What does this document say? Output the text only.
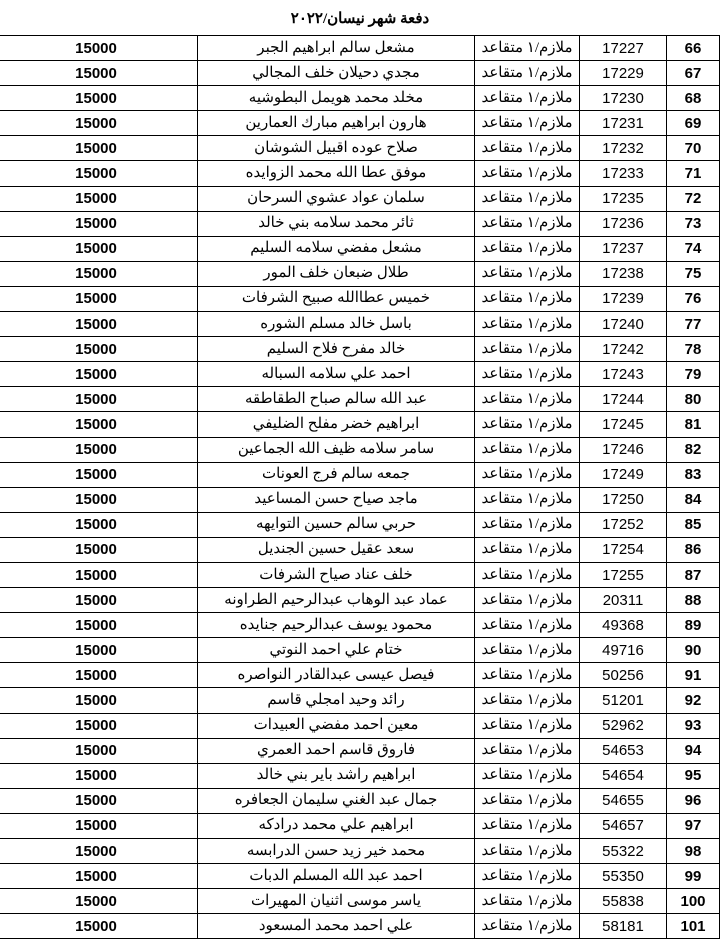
دفعة شهر نيسان/٢٠٢٢
66	17227	ملازم/١ متقاعد	مشعل سالم ابراهيم الجبر	15000
67	17229	ملازم/١ متقاعد	مجدي دحيلان خلف المجالي	15000
68	17230	ملازم/١ متقاعد	مخلد محمد هويمل البطوشيه	15000
69	17231	ملازم/١ متقاعد	هارون ابراهيم مبارك العمارين	15000
70	17232	ملازم/١ متقاعد	صلاح عوده اقبيل الشوشان	15000
71	17233	ملازم/١ متقاعد	موفق عطا الله محمد الزوايده	15000
72	17235	ملازم/١ متقاعد	سلمان عواد عشوي السرحان	15000
73	17236	ملازم/١ متقاعد	ثائر محمد سلامه بني خالد	15000
74	17237	ملازم/١ متقاعد	مشعل مفضي سلامه السليم	15000
75	17238	ملازم/١ متقاعد	طلال ضبعان خلف المور	15000
76	17239	ملازم/١ متقاعد	خميس عطاالله صبيح الشرفات	15000
77	17240	ملازم/١ متقاعد	باسل خالد مسلم الشوره	15000
78	17242	ملازم/١ متقاعد	خالد مفرح فلاح السليم	15000
79	17243	ملازم/١ متقاعد	احمد علي سلامه السباله	15000
80	17244	ملازم/١ متقاعد	عبد الله سالم صباح الطقاطقه	15000
81	17245	ملازم/١ متقاعد	ابراهيم خضر مفلح الضليفي	15000
82	17246	ملازم/١ متقاعد	سامر سلامه ظيف الله الجماعين	15000
83	17249	ملازم/١ متقاعد	جمعه سالم فرج العونات	15000
84	17250	ملازم/١ متقاعد	ماجد صياح حسن المساعيد	15000
85	17252	ملازم/١ متقاعد	حربي سالم حسين التوايهه	15000
86	17254	ملازم/١ متقاعد	سعد عقيل حسين الجنديل	15000
87	17255	ملازم/١ متقاعد	خلف عناد صياح الشرفات	15000
88	20311	ملازم/١ متقاعد	عماد عبد الوهاب عبدالرحيم الطراونه	15000
89	49368	ملازم/١ متقاعد	محمود يوسف عبدالرحيم جنايده	15000
90	49716	ملازم/١ متقاعد	ختام علي احمد النوتي	15000
91	50256	ملازم/١ متقاعد	فيصل عيسى عبدالقادر النواصره	15000
92	51201	ملازم/١ متقاعد	رائد وحيد امجلي قاسم	15000
93	52962	ملازم/١ متقاعد	معين احمد مفضي العبيدات	15000
94	54653	ملازم/١ متقاعد	فاروق قاسم احمد العمري	15000
95	54654	ملازم/١ متقاعد	ابراهيم راشد باير بني خالد	15000
96	54655	ملازم/١ متقاعد	جمال عبد الغني سليمان الجعافره	15000
97	54657	ملازم/١ متقاعد	ابراهيم علي محمد درادكه	15000
98	55322	ملازم/١ متقاعد	محمد خير زيد حسن الدرابسه	15000
99	55350	ملازم/١ متقاعد	احمد عبد الله المسلم الدبات	15000
100	55838	ملازم/١ متقاعد	ياسر موسى اثنيان المهيرات	15000
101	58181	ملازم/١ متقاعد	علي احمد محمد المسعود	15000
